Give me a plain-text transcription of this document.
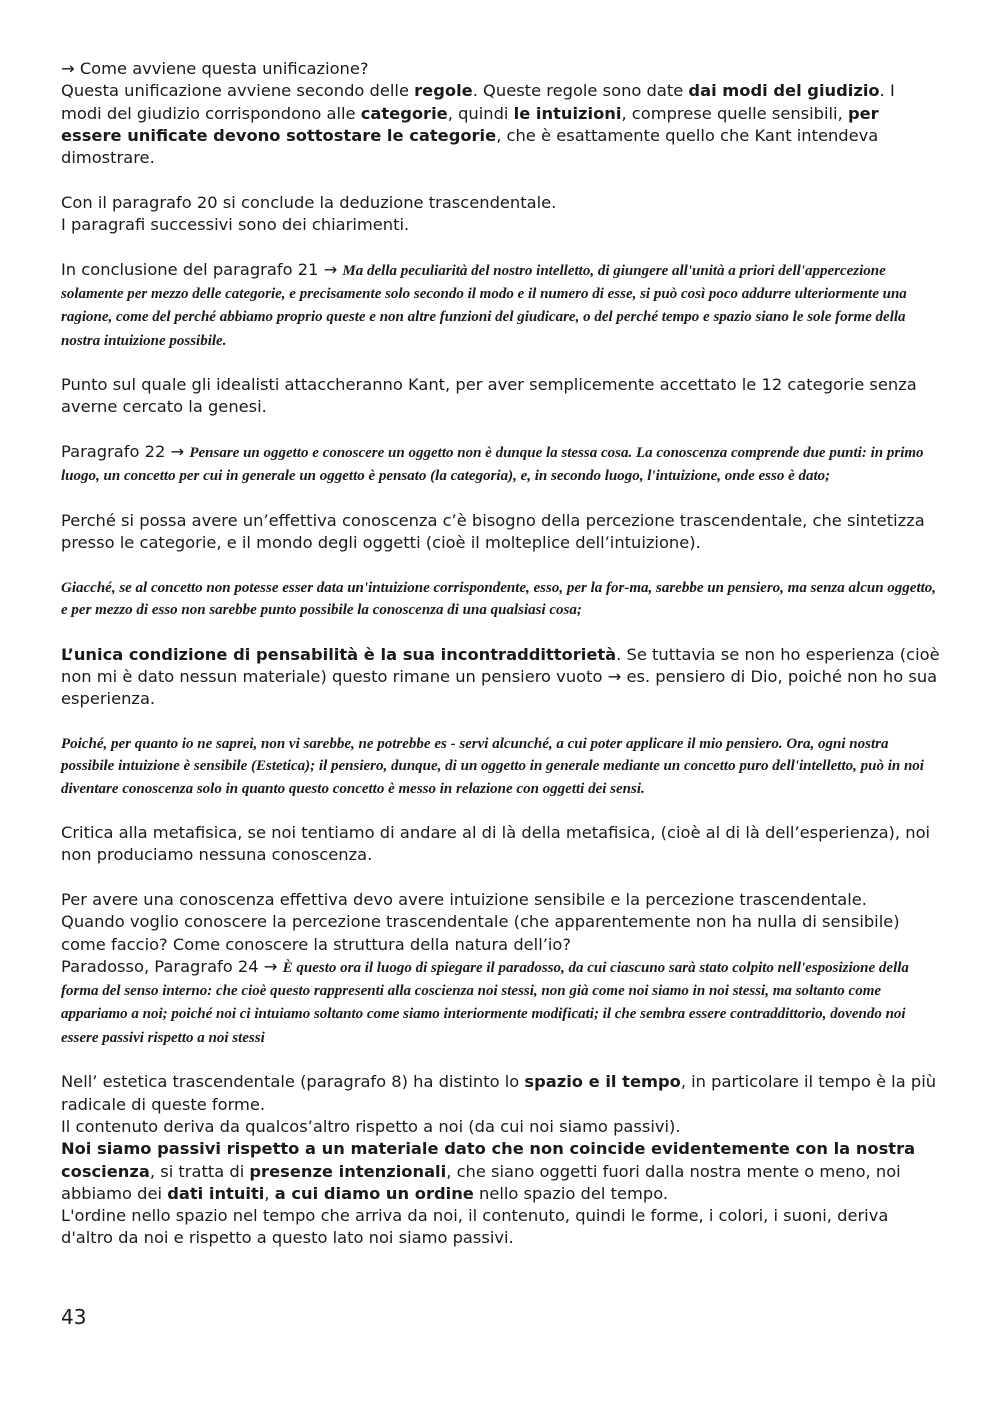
→ Come avviene questa unificazione?

Questa unificazione avviene secondo delle regole. Queste regole sono date dai modi del giudizio. I modi del giudizio corrispondono alle categorie, quindi le intuizioni, comprese quelle sensibili, per essere unificate devono sottostare le categorie, che è esattamente quello che Kant intendeva dimostrare.

Con il paragrafo 20 si conclude la deduzione trascendentale.

I paragrafi successivi sono dei chiarimenti.

In conclusione del paragrafo 21 → Ma della peculiarità del nostro intelletto, di giungere all'unità a priori dell'appercezione solamente per mezzo delle categorie, e precisamente solo secondo il modo e il numero di esse, si può così poco addurre ulteriormente una ragione, come del perché abbiamo proprio queste e non altre funzioni del giudicare, o del perché tempo e spazio siano le sole forme della nostra intuizione possibile.

Punto sul quale gli idealisti attaccheranno Kant, per aver semplicemente accettato le 12 categorie senza averne cercato la genesi.

Paragrafo 22 → Pensare un oggetto e conoscere un oggetto non è dunque la stessa cosa. La conoscenza comprende due punti: in primo luogo, un concetto per cui in generale un oggetto è pensato (la categoria), e, in secondo luogo, l'intuizione, onde esso è dato;

Perché si possa avere un’effettiva conoscenza c’è bisogno della percezione trascendentale, che sintetizza presso le categorie, e il mondo degli oggetti (cioè il molteplice dell’intuizione).

Giacché, se al concetto non potesse esser data un'intuizione corrispondente, esso, per la for-ma, sarebbe un pensiero, ma senza alcun oggetto, e per mezzo di esso non sarebbe punto possibile la conoscenza di una qualsiasi cosa;

L’unica condizione di pensabilità è la sua incontraddittorietà. Se tuttavia se non ho esperienza (cioè non mi è dato nessun materiale) questo rimane un pensiero vuoto → es. pensiero di Dio, poiché non ho sua esperienza.

Poiché, per quanto io ne saprei, non vi sarebbe, ne potrebbe es - servi alcunché, a cui poter applicare il mio pensiero. Ora, ogni nostra possibile intuizione è sensibile (Estetica); il pensiero, dunque, di un oggetto in generale mediante un concetto puro dell'intelletto, può in noi diventare conoscenza solo in quanto questo concetto è messo in relazione con oggetti dei sensi.

Critica alla metafisica, se noi tentiamo di andare al di là della metafisica, (cioè al di là dell’esperienza), noi non produciamo nessuna conoscenza.

Per avere una conoscenza effettiva devo avere intuizione sensibile e la percezione trascendentale.

Quando voglio conoscere la percezione trascendentale (che apparentemente non ha nulla di sensibile) come faccio? Come conoscere la struttura della natura dell’io?

Paradosso, Paragrafo 24 → È questo ora il luogo di spiegare il paradosso, da cui ciascuno sarà stato colpito nell'esposizione della forma del senso interno: che cioè questo rappresenti alla coscienza noi stessi, non già come noi siamo in noi stessi, ma soltanto come appariamo a noi; poiché noi ci intuiamo soltanto come siamo interiormente modificati; il che sembra essere contraddittorio, dovendo noi essere passivi rispetto a noi stessi

Nell’ estetica trascendentale (paragrafo 8) ha distinto lo spazio e il tempo, in particolare il tempo è la più radicale di queste forme.

Il contenuto deriva da qualcos’altro rispetto a noi (da cui noi siamo passivi).

Noi siamo passivi rispetto a un materiale dato che non coincide evidentemente con la nostra coscienza, si tratta di presenze intenzionali, che siano oggetti fuori dalla nostra mente o meno, noi abbiamo dei dati intuiti, a cui diamo un ordine nello spazio del tempo.

L'ordine nello spazio nel tempo che arriva da noi, il contenuto, quindi le forme, i colori, i suoni, deriva d'altro da noi e rispetto a questo lato noi siamo passivi.

43
